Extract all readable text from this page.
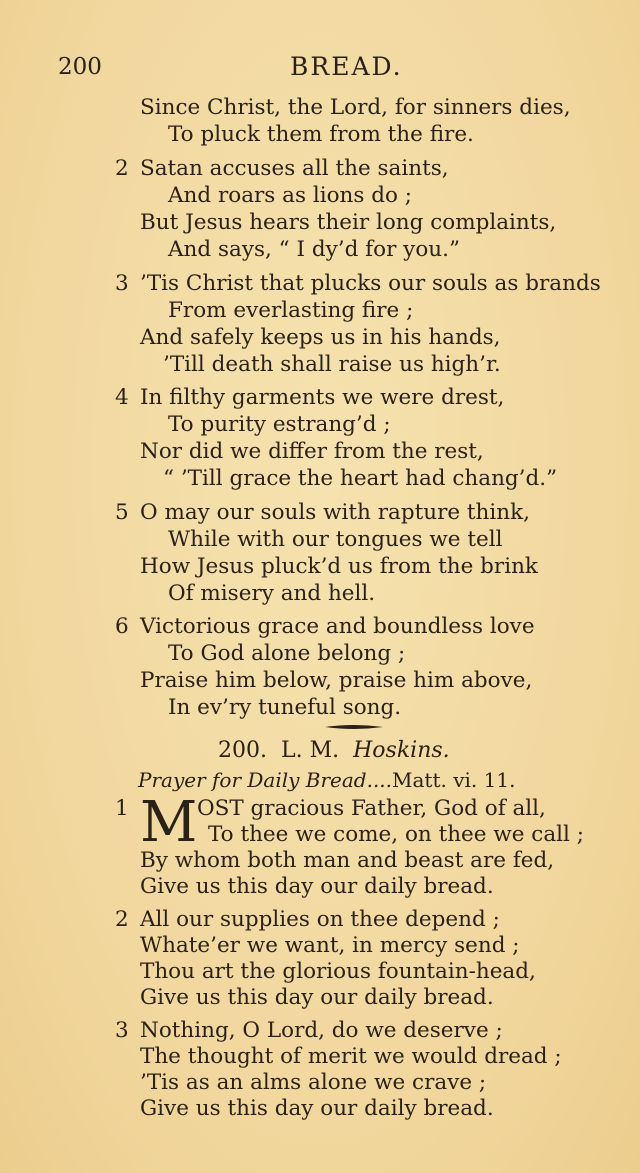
200	BREAD.
Since Christ, the Lord, for sinners dies,
To pluck them from the fire.
2 Satan accuses all the saints,
And roars as lions do ;
But Jesus hears their long complaints,
And says, “ I dy’d for you.”
3 ’Tis Christ that plucks our souls as brands
From everlasting fire ;
And safely keeps us in his hands,
’Till death shall raise us high’r.
4 In filthy garments we were drest,
To purity estrang’d ;
Nor did we differ from the rest,
“ ’Till grace the heart had chang’d.”
5 O may our souls with rapture think,
While with our tongues we tell
How Jesus pluck’d us from the brink
Of misery and hell.
6 Victorious grace and boundless love
To God alone belong ;
Praise him below, praise him above,
In ev’ry tuneful song.
200. L. M. Hoskins.
Prayer for Daily Bread....Matt. vi. 11.
1 M OST gracious Father, God of all,
To thee we come, on thee we call ;
By whom both man and beast are fed,
Give us this day our daily bread.
2 All our supplies on thee depend ;
Whate’er we want, in mercy send ;
Thou art the glorious fountain-head,
Give us this day our daily bread.
3 Nothing, O Lord, do we deserve ;
The thought of merit we would dread ;
’Tis as an alms alone we crave ;
Give us this day our daily bread.
